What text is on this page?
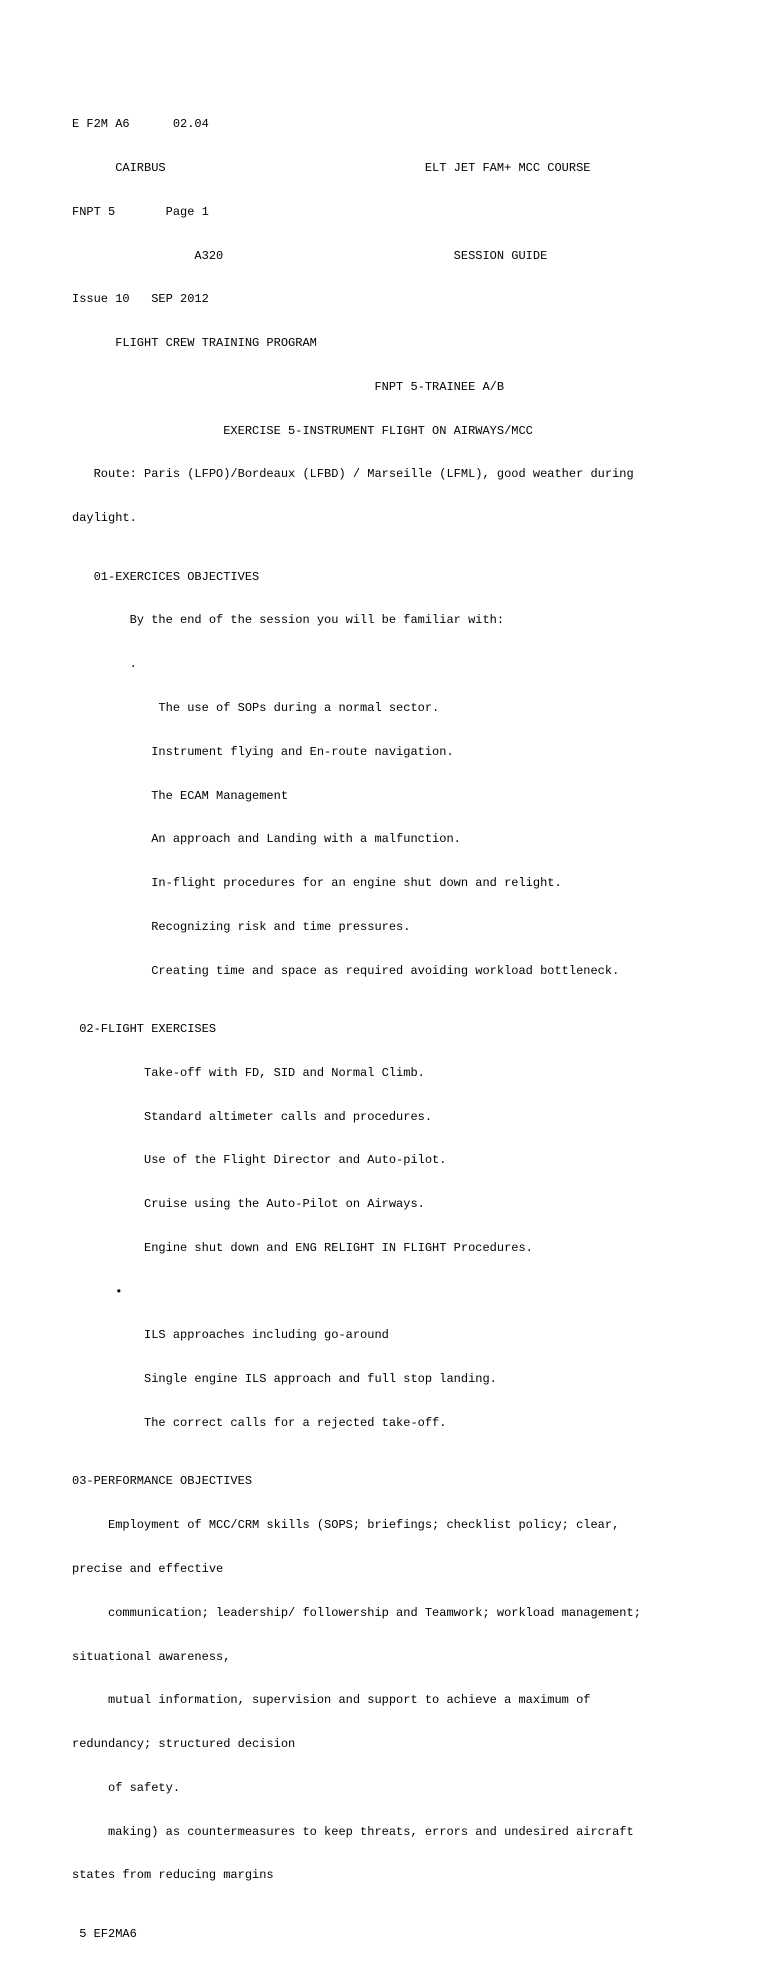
E F2M A6      02.04

CAIRBUS                                    ELT JET FAM+ MCC COURSE

FNPT 5       Page 1

A320                                SESSION GUIDE

Issue 10   SEP 2012

FLIGHT CREW TRAINING PROGRAM

FNPT 5-TRAINEE A/B

EXERCISE 5-INSTRUMENT FLIGHT ON AIRWAYS/MCC

Route: Paris (LFPO)/Bordeaux (LFBD) / Marseille (LFML), good weather during

daylight.

01-EXERCICES OBJECTIVES

By the end of the session you will be familiar with:

.

The use of SOPs during a normal sector.

Instrument flying and En-route navigation.

The ECAM Management

An approach and Landing with a malfunction.

In-flight procedures for an engine shut down and relight.

Recognizing risk and time pressures.

Creating time and space as required avoiding workload bottleneck.

02-FLIGHT EXERCISES

Take-off with FD, SID and Normal Climb.

Standard altimeter calls and procedures.

Use of the Flight Director and Auto-pilot.

Cruise using the Auto-Pilot on Airways.

Engine shut down and ENG RELIGHT IN FLIGHT Procedures.

•

ILS approaches including go-around

Single engine ILS approach and full stop landing.

The correct calls for a rejected take-off.

03-PERFORMANCE OBJECTIVES

Employment of MCC/CRM skills (SOPS; briefings; checklist policy; clear,

precise and effective

communication; leadership/ followership and Teamwork; workload management;

situational awareness,

mutual information, supervision and support to achieve a maximum of

redundancy; structured decision

of safety.

making) as countermeasures to keep threats, errors and undesired aircraft

states from reducing margins

5 EF2MA6
